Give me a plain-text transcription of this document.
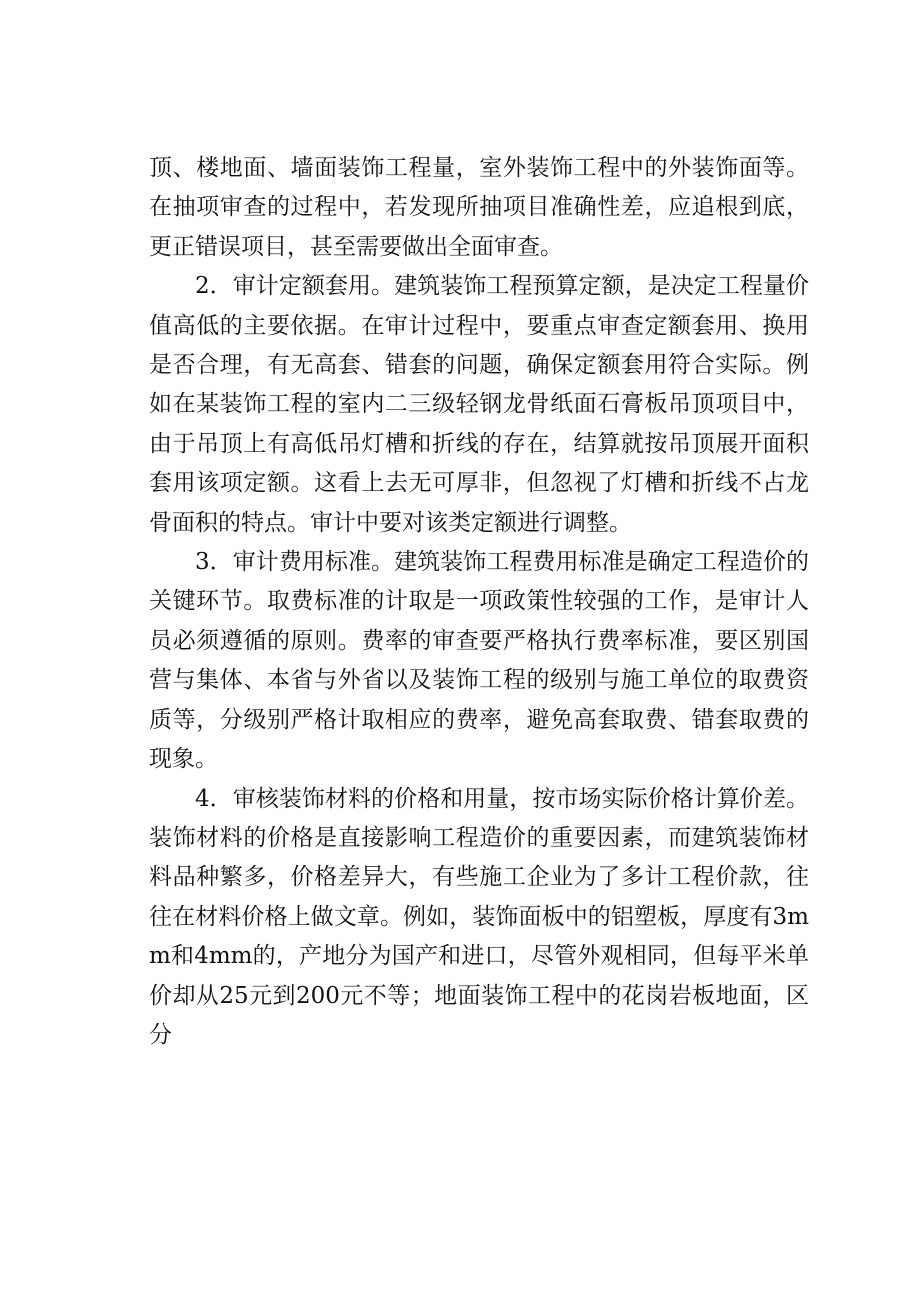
顶、楼地面、墙面装饰工程量，室外装饰工程中的外装饰面等。在抽项审查的过程中，若发现所抽项目准确性差，应追根到底，更正错误项目，甚至需要做出全面审查。

2．审计定额套用。建筑装饰工程预算定额，是决定工程量价值高低的主要依据。在审计过程中，要重点审查定额套用、换用是否合理，有无高套、错套的问题，确保定额套用符合实际。例如在某装饰工程的室内二三级轻钢龙骨纸面石膏板吊顶项目中，由于吊顶上有高低吊灯槽和折线的存在，结算就按吊顶展开面积套用该项定额。这看上去无可厚非，但忽视了灯槽和折线不占龙骨面积的特点。审计中要对该类定额进行调整。

3．审计费用标准。建筑装饰工程费用标准是确定工程造价的关键环节。取费标准的计取是一项政策性较强的工作，是审计人员必须遵循的原则。费率的审查要严格执行费率标准，要区别国营与集体、本省与外省以及装饰工程的级别与施工单位的取费资质等，分级别严格计取相应的费率，避免高套取费、错套取费的现象。

4．审核装饰材料的价格和用量，按市场实际价格计算价差。装饰材料的价格是直接影响工程造价的重要因素，而建筑装饰材料品种繁多，价格差异大，有些施工企业为了多计工程价款，往往在材料价格上做文章。例如，装饰面板中的铝塑板，厚度有3mm和4mm的，产地分为国产和进口，尽管外观相同，但每平米单价却从25元到200元不等；地面装饰工程中的花岗岩板地面，区分
